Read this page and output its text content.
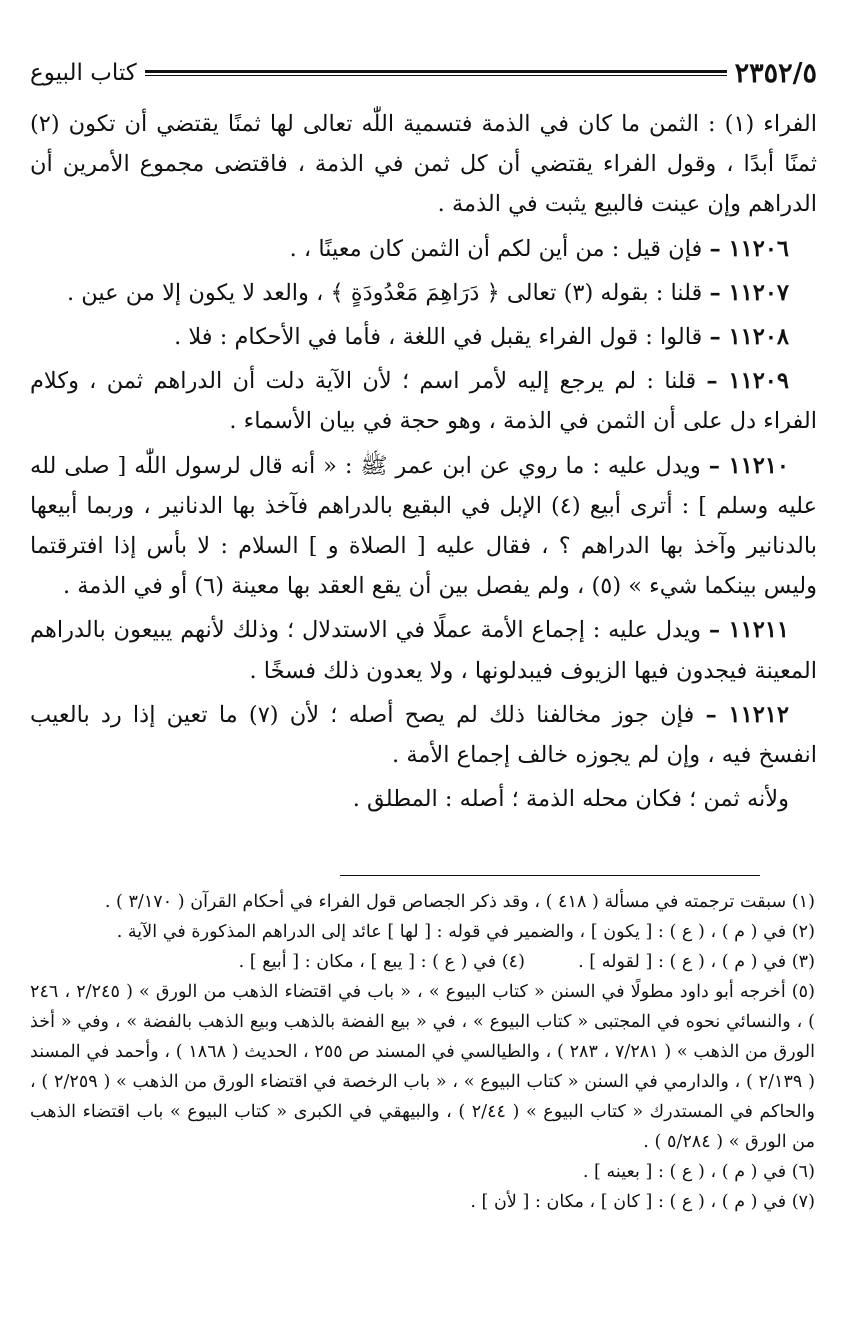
٢٣٥٢/٥
كتاب البيوع

الفراء (١) : الثمن ما كان في الذمة فتسمية اللّٰه تعالى لها ثمنًا يقتضي أن تكون (٢) ثمنًا أبدًا ، وقول الفراء يقتضي أن كل ثمن في الذمة ، فاقتضى مجموع الأمرين أن الدراهم وإن عينت فالبيع يثبت في الذمة .

١١٢٠٦ – فإن قيل : من أين لكم أن الثمن كان معينًا ، .

١١٢٠٧ – قلنا : بقوله (٣) تعالى ﴿ دَرَاهِمَ مَعْدُودَةٍ ﴾ ، والعد لا يكون إلا من عين .

١١٢٠٨ – قالوا : قول الفراء يقبل في اللغة ، فأما في الأحكام : فلا .

١١٢٠٩ – قلنا : لم يرجع إليه لأمر اسم ؛ لأن الآية دلت أن الدراهم ثمن ، وكلام الفراء دل على أن الثمن في الذمة ، وهو حجة في بيان الأسماء .

١١٢١٠ – ويدل عليه : ما روي عن ابن عمر ﷺ : « أنه قال لرسول اللّٰه [ صلى لله عليه وسلم ] : أترى أبيع (٤) الإبل في البقيع بالدراهم فآخذ بها الدنانير ، وربما أبيعها بالدنانير وآخذ بها الدراهم ؟ ، فقال عليه [ الصلاة و ] السلام : لا بأس إذا افترقتما وليس بينكما شيء » (٥) ، ولم يفصل بين أن يقع العقد بها معينة (٦) أو في الذمة .

١١٢١١ – ويدل عليه : إجماع الأمة عملًا في الاستدلال ؛ وذلك لأنهم يبيعون بالدراهم المعينة فيجدون فيها الزيوف فيبدلونها ، ولا يعدون ذلك فسخًا .

١١٢١٢ – فإن جوز مخالفنا ذلك لم يصح أصله ؛ لأن (٧) ما تعين إذا رد بالعيب انفسخ فيه ، وإن لم يجوزه خالف إجماع الأمة .

ولأنه ثمن ؛ فكان محله الذمة ؛ أصله : المطلق .

(١) سبقت ترجمته في مسألة ( ٤١٨ ) ، وقد ذكر الجصاص قول الفراء في أحكام القرآن ( ٣/١٧٠ ) .

(٢) في ( م ) ، ( ع ) : [ يكون ] ، والضمير في قوله : [ لها ] عائد إلى الدراهم المذكورة في الآية .

(٣) في ( م ) ، ( ع ) : [ لقوله ] .
(٤) في ( ع ) : [ يبع ] ، مكان : [ أبيع ] .

(٥) أخرجه أبو داود مطولًا في السنن « كتاب البيوع » ، « باب في اقتضاء الذهب من الورق » ( ٢/٢٤٥ ، ٢٤٦ ) ، والنسائي نحوه في المجتبى « كتاب البيوع » ، في « بيع الفضة بالذهب وبيع الذهب بالفضة » ، وفي « أخذ الورق من الذهب » ( ٧/٢٨١ ، ٢٨٣ ) ، والطيالسي في المسند ص ٢٥٥ ، الحديث ( ١٨٦٨ ) ، وأحمد في المسند ( ٢/١٣٩ ) ، والدارمي في السنن « كتاب البيوع » ، « باب الرخصة في اقتضاء الورق من الذهب » ( ٢/٢٥٩ ) ، والحاكم في المستدرك « كتاب البيوع » ( ٢/٤٤ ) ، والبيهقي في الكبرى « كتاب البيوع » باب اقتضاء الذهب من الورق » ( ٥/٢٨٤ ) .

(٦) في ( م ) ، ( ع ) : [ بعينه ] .

(٧) في ( م ) ، ( ع ) : [ كان ] ، مكان : [ لأن ] .
